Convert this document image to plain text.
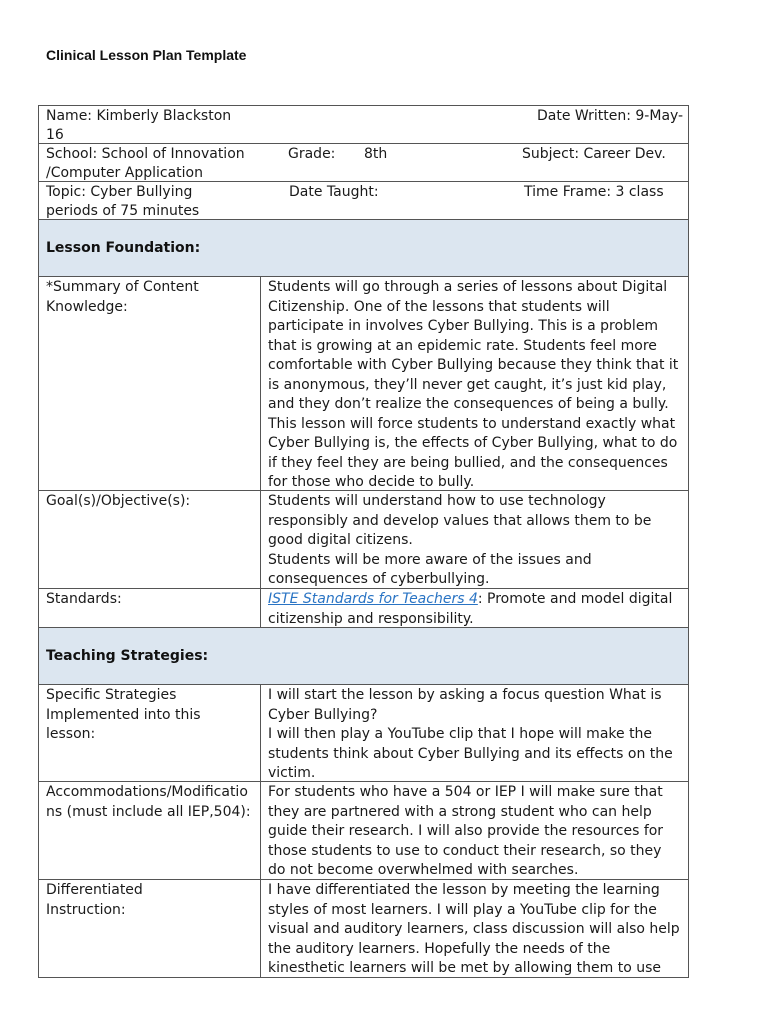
Clinical Lesson Plan Template
Name: Kimberly Blackston	Date Written: 9-May-
16
School: School of Innovation	Grade: 8th	Subject: Career Dev.
/Computer Application
Topic: Cyber Bullying	Date Taught:	Time Frame: 3 class
periods of 75 minutes
Lesson Foundation:
*Summary of Content Knowledge:
Students will go through a series of lessons about Digital Citizenship. One of the lessons that students will participate in involves Cyber Bullying. This is a problem that is growing at an epidemic rate. Students feel more comfortable with Cyber Bullying because they think that it is anonymous, they’ll never get caught, it’s just kid play, and they don’t realize the consequences of being a bully. This lesson will force students to understand exactly what Cyber Bullying is, the effects of Cyber Bullying, what to do if they feel they are being bullied, and the consequences for those who decide to bully.
Goal(s)/Objective(s):	Students will understand how to use technology responsibly and develop values that allows them to be good digital citizens.
Students will be more aware of the issues and consequences of cyberbullying.
Standards:	ISTE Standards for Teachers 4: Promote and model digital citizenship and responsibility.
Teaching Strategies:
Specific Strategies Implemented into this lesson:
I will start the lesson by asking a focus question What is Cyber Bullying?
I will then play a YouTube clip that I hope will make the students think about Cyber Bullying and its effects on the victim.
Accommodations/Modifications (must include all IEP,504):
For students who have a 504 or IEP I will make sure that they are partnered with a strong student who can help guide their research. I will also provide the resources for those students to use to conduct their research, so they do not become overwhelmed with searches.
Differentiated Instruction:
I have differentiated the lesson by meeting the learning styles of most learners. I will play a YouTube clip for the visual and auditory learners, class discussion will also help the auditory learners. Hopefully the needs of the kinesthetic learners will be met by allowing them to use
